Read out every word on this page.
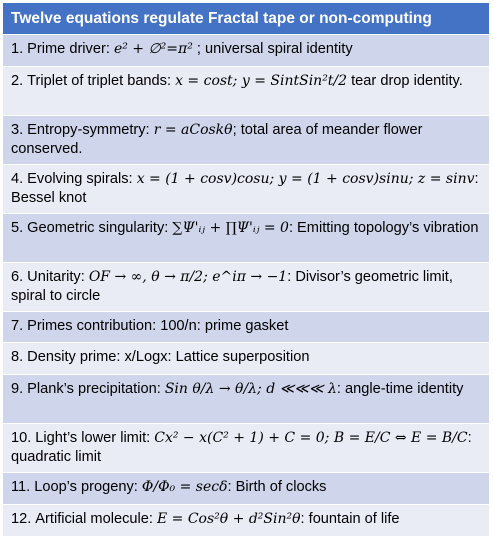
Twelve equations regulate Fractal tape or non-computing
1. Prime driver: e² + ∅²=π² ; universal spiral identity
2. Triplet of triplet bands: x = cost; y = SintSin²t/2 tear drop identity.
3. Entropy-symmetry: r = aCoskθ; total area of meander flower conserved.
4. Evolving spirals: x = (1 + cosv)cosu; y = (1 + cosv)sinu; z = sinv: Bessel knot
5. Geometric singularity: ∑Ψ'ᵢⱼ + ∏Ψ'ᵢⱼ = 0: Emitting topology’s vibration
6. Unitarity: OF → ∞, θ → π/2; e^iπ → −1: Divisor’s geometric limit, spiral to circle
7. Primes contribution: 100/n: prime gasket
8. Density prime: x/Logx: Lattice superposition
9. Plank’s precipitation: Sin θ/λ → θ/λ; d ≪≪≪ λ: angle-time identity
10. Light’s lower limit: Cx² − x(C² + 1) + C = 0; B = E/C ⇔ E = B/C: quadratic limit
11. Loop’s progeny: Φ/Φ₀ = secδ: Birth of clocks
12. Artificial molecule: E = Cos²θ + d²Sin²θ: fountain of life
